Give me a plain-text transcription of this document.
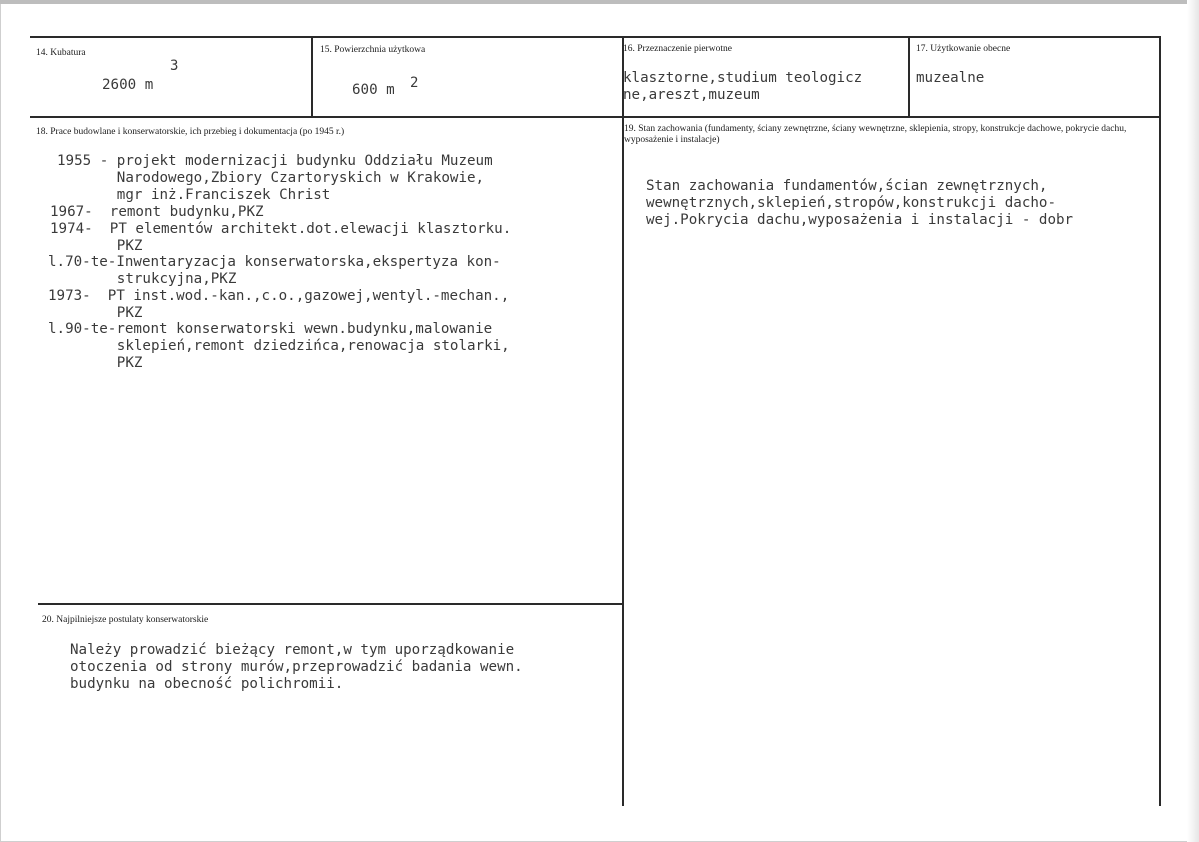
14. Kubatura
2600 m
3
15. Powierzchnia użytkowa
600 m 2
16. Przeznaczenie pierwotne
klasztorne,studium teologicz
ne,areszt,muzeum
17. Użytkowanie obecne
muzealne
18. Prace budowlane i konserwatorskie, ich przebieg i dokumentacja (po 1945 r.)
1955 - projekt modernizacji budynku Oddziału Muzeum
Narodowego,Zbiory Czartoryskich w Krakowie,
mgr inż.Franciszek Christ
1967-  remont budynku,PKZ
1974-  PT elementów architekt.dot.elewacji klasztorku.
PKZ
l.70-te-Inwentaryzacja konserwatorska,ekspertyza kon-
strukcyjna,PKZ
1973-  PT inst.wod.-kan.,c.o.,gazowej,wentyl.-mechan.,
PKZ
l.90-te-remont konserwatorski wewn.budynku,malowanie
sklepień,remont dziedzińca,renowacja stolarki,
PKZ
19. Stan zachowania (fundamenty, ściany zewnętrzne, ściany wewnętrzne, sklepienia, stropy, konstrukcje dachowe, pokrycie dachu, wyposażenie i instalacje)
Stan zachowania fundamentów,ścian zewnętrznych,
wewnętrznych,sklepień,stropów,konstrukcji dacho-
wej.Pokrycia dachu,wyposażenia i instalacji - dobr
20. Najpilniejsze postulaty konserwatorskie
Należy prowadzić bieżący remont,w tym uporządkowanie
otoczenia od strony murów,przeprowadzić badania wewn.
budynku na obecność polichromii.
